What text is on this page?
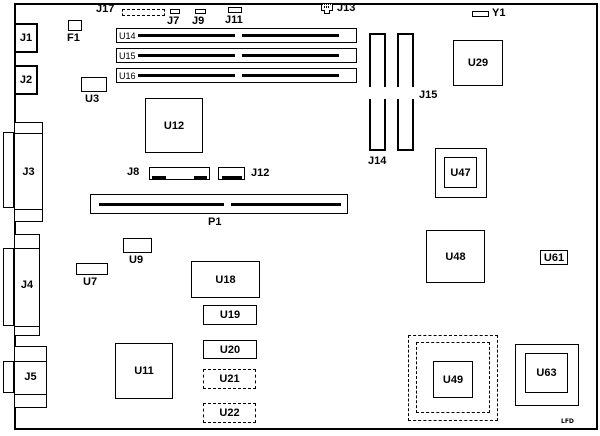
J17
J7 J9 J11
J13	Y1
J1
J2
J3
J4
J5
F1
U3
U14
U15
U16
U12
J8	J12
P1
J14
J15
U29
U47
U9
U7	U18
U19
U20
U21
U22
U11
U48	U61
U49
U63
LFD
